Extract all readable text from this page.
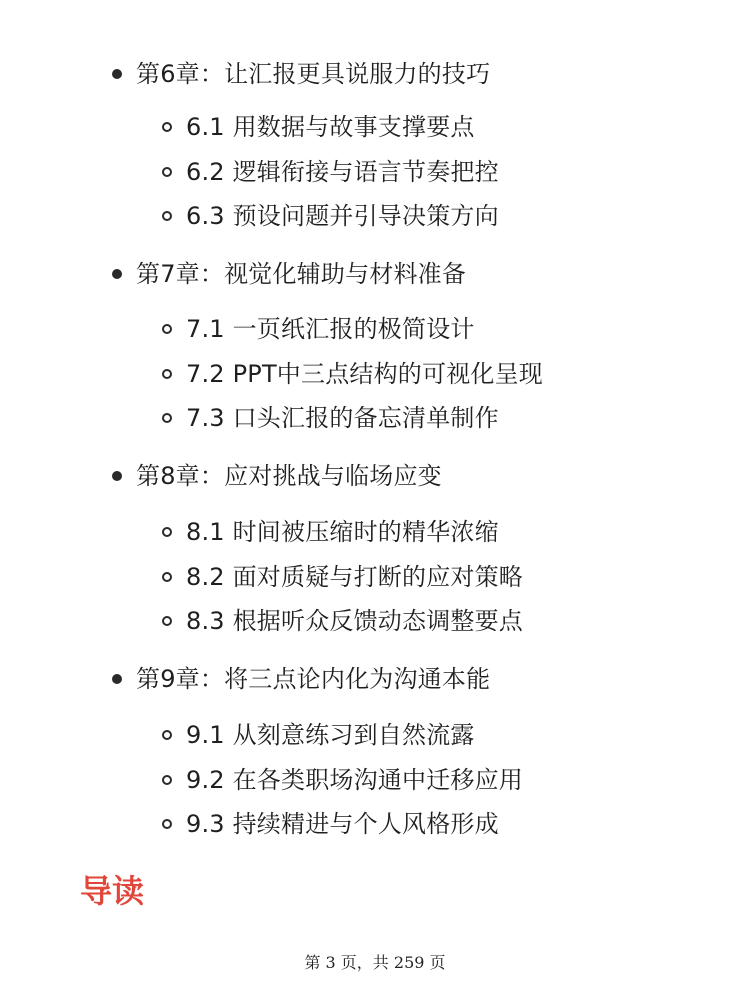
第6章：让汇报更具说服力的技巧
6.1 用数据与故事支撑要点
6.2 逻辑衔接与语言节奏把控
6.3 预设问题并引导决策方向
第7章：视觉化辅助与材料准备
7.1 一页纸汇报的极简设计
7.2 PPT中三点结构的可视化呈现
7.3 口头汇报的备忘清单制作
第8章：应对挑战与临场应变
8.1 时间被压缩时的精华浓缩
8.2 面对质疑与打断的应对策略
8.3 根据听众反馈动态调整要点
第9章：将三点论内化为沟通本能
9.1 从刻意练习到自然流露
9.2 在各类职场沟通中迁移应用
9.3 持续精进与个人风格形成
导读
第 3 页，共 259 页
